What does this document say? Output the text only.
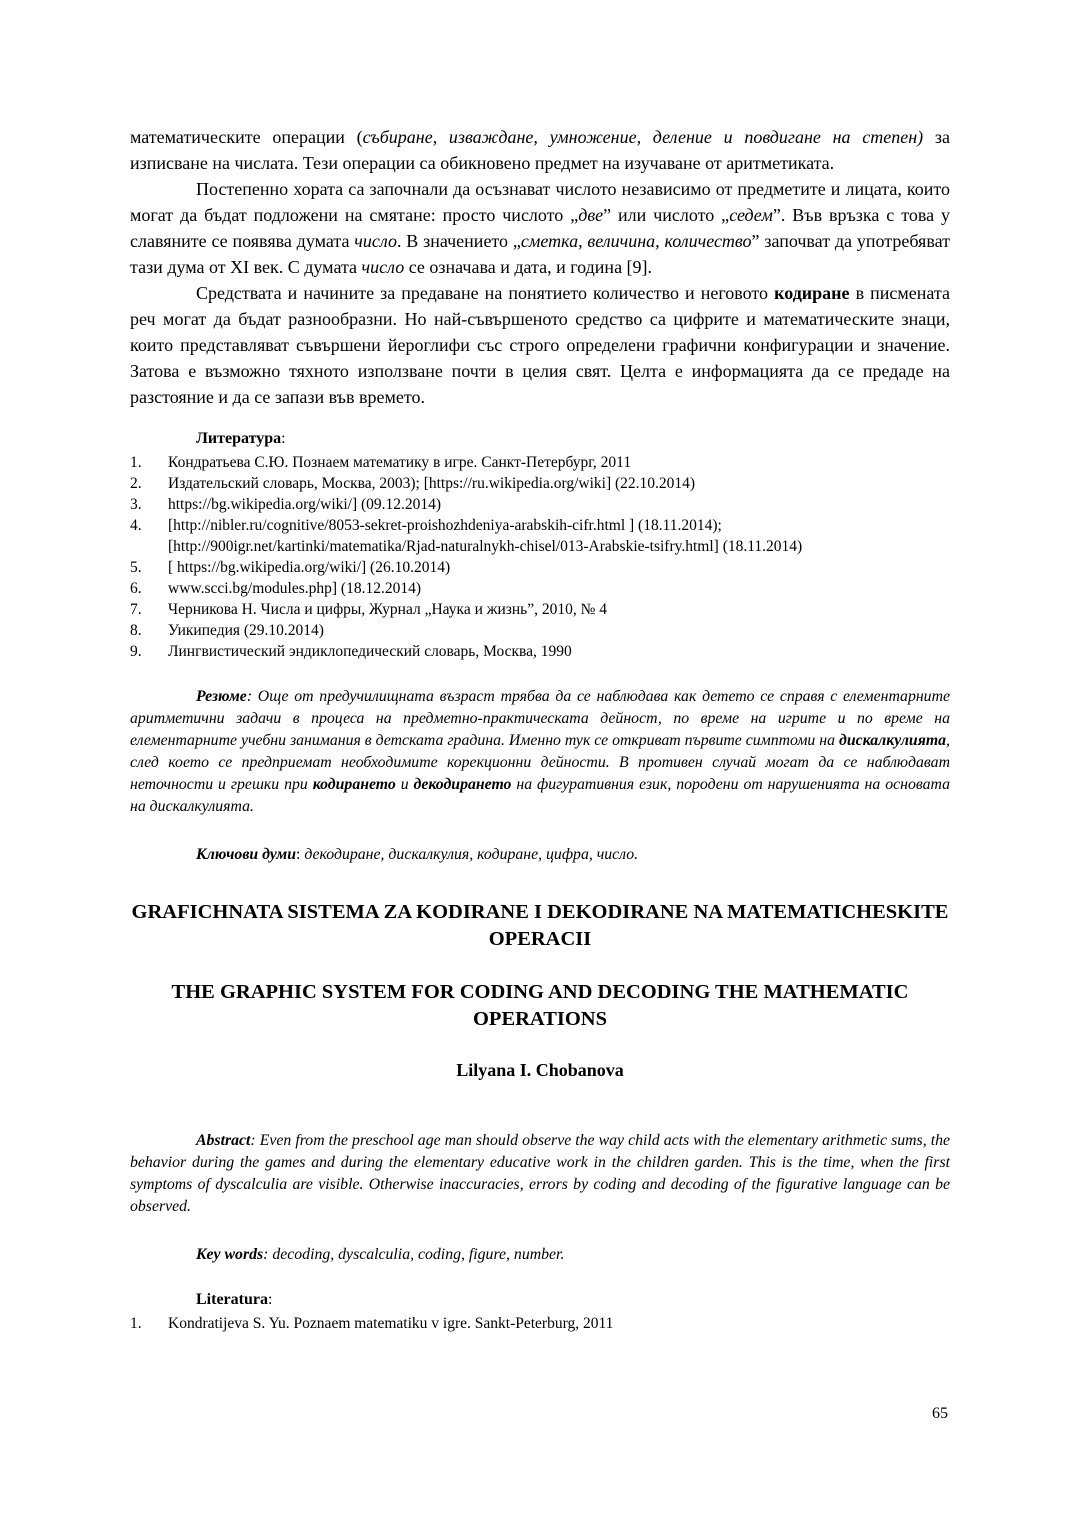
математическите операции (събиране, изваждане, умножение, деление и повдигане на степен) за изписване на числата. Тези операции са обикновено предмет на изучаване от аритметиката.

Постепенно хората са започнали да осъзнават числото независимо от предметите и лицата, които могат да бъдат подложени на смятане: просто числото „две” или числото „седем”. Във връзка с това у славяните се появява думата число. В значението „сметка, величина, количество” започват да употребяват тази дума от XI век. С думата число се означава и дата, и година [9].

Средствата и начините за предаване на понятието количество и неговото кодиране в писмената реч могат да бъдат разнообразни. Но най-съвършеното средство са цифрите и математическите знаци, които представляват съвършени йероглифи със строго определени графични конфигурации и значение. Затова е възможно тяхното използване почти в целия свят. Целта е информацията да се предаде на разстояние и да се запази във времето.

Литература:

1.	Кондратьева С.Ю. Познаем математику в игре. Санкт-Петербург, 2011
2.	Издательский словарь, Москва, 2003); [https://ru.wikipedia.org/wiki] (22.10.2014)
3.	https://bg.wikipedia.org/wiki/] (09.12.2014)
4.	[http://nibler.ru/cognitive/8053-sekret-proishozhdeniya-arabskih-cifr.html ] (18.11.2014); [http://900igr.net/kartinki/matematika/Rjad-naturalnykh-chisel/013-Arabskie-tsifry.html] (18.11.2014)
5.	[ https://bg.wikipedia.org/wiki/] (26.10.2014)
6.	www.scci.bg/modules.php] (18.12.2014)
7.	Черникова Н. Числа и цифры, Журнал „Наука и жизнь”, 2010, № 4
8.	Уикипедия (29.10.2014)
9.	Лингвистический эндиклопедический словарь, Москва, 1990

Резюме: Още от предучилищната възраст трябва да се наблюдава как детето се справя с елементарните аритметични задачи в процеса на предметно-практическата дейност, по време на игрите и по време на елементарните учебни занимания в детската градина. Именно тук се откриват първите симптоми на дискалкулията, след което се предприемат необходимите корекционни дейности. В противен случай могат да се наблюдават неточности и грешки при кодирането и декодирането на фигуративния език, породени от нарушенията на основата на дискалкулията.

Ключови думи: декодиране, дискалкулия, кодиране, цифра, число.

GRAFICHNATA SISTEMA ZA KODIRANE I DEKODIRANE NA MATEMATICHESKITE OPERACII

THE GRAPHIC SYSTEM FOR CODING AND DECODING THE MATHEMATIC OPERATIONS

Lilyana I. Chobanova

Abstract: Even from the preschool age man should observe the way child acts with the elementary arithmetic sums, the behavior during the games and during the elementary educative work in the children garden. This is the time, when the first symptoms of dyscalculia are visible. Otherwise inaccuracies, errors by coding and decoding of the figurative language can be observed.

Key words: decoding, dyscalculia, coding, figure, number.

Literatura:

1.	Kondratijeva S. Yu. Poznaem matematiku v igre. Sankt-Peterburg, 2011
65
